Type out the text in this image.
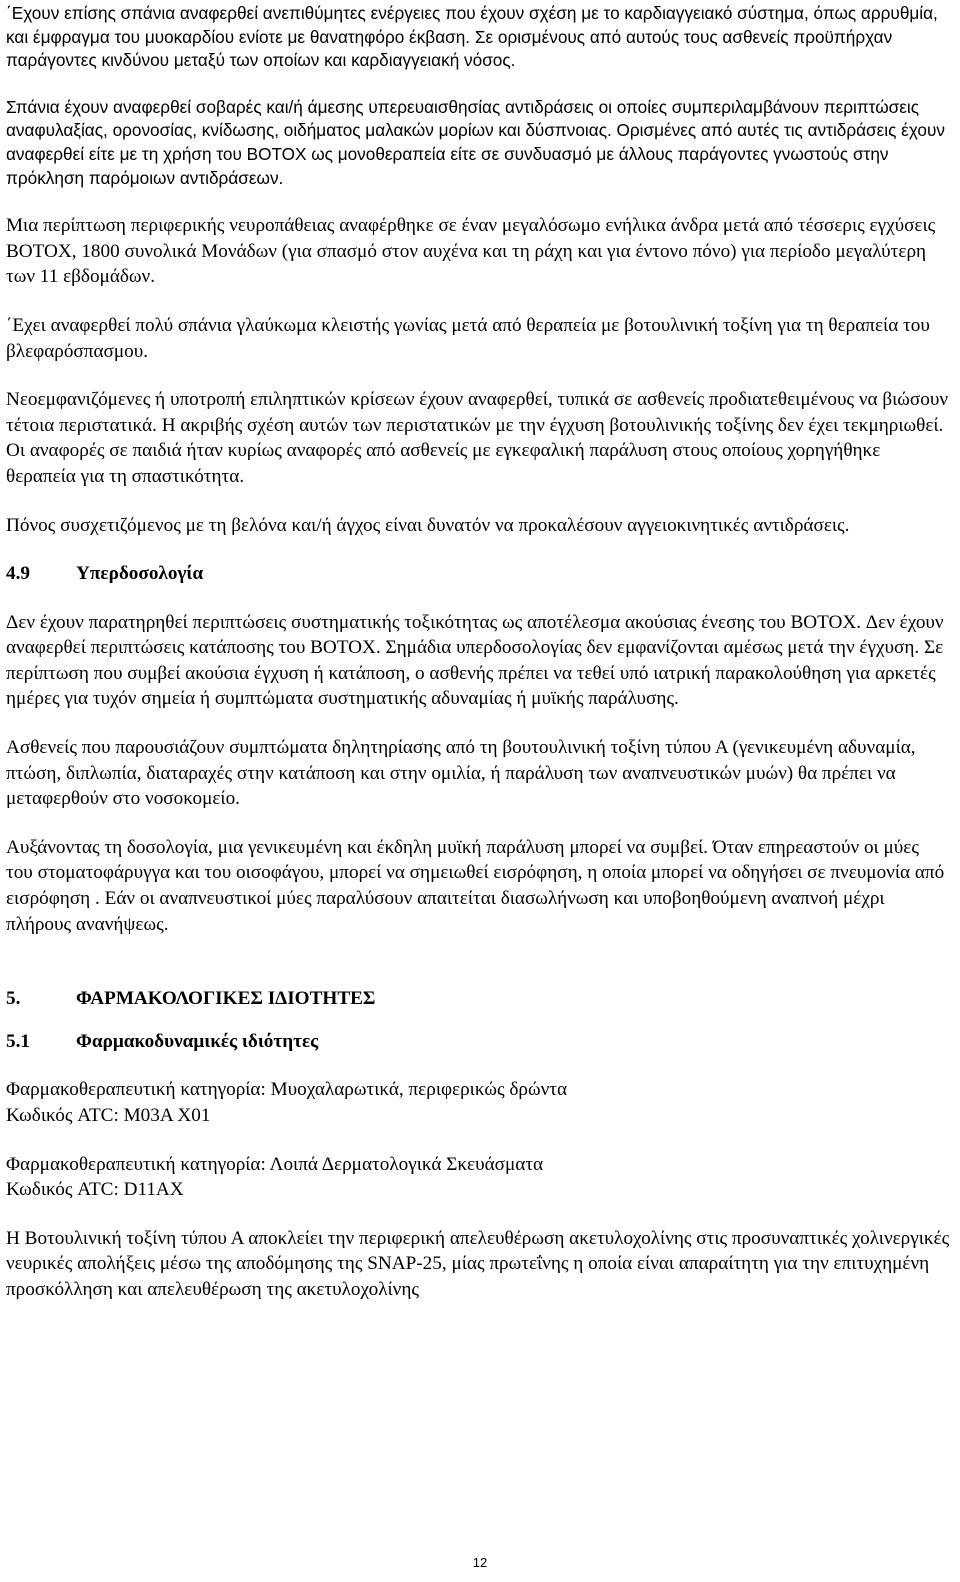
΄Εχουν επίσης σπάνια αναφερθεί ανεπιθύμητες ενέργειες που έχουν σχέση με το καρδιαγγειακό σύστημα, όπως αρρυθμία, και έμφραγμα του μυοκαρδίου ενίοτε με θανατηφόρο έκβαση. Σε ορισμένους από αυτούς τους ασθενείς προϋπήρχαν παράγοντες κινδύνου μεταξύ των οποίων και καρδιαγγειακή νόσος.

Σπάνια έχουν αναφερθεί σοβαρές και/ή άμεσης υπερευαισθησίας αντιδράσεις οι οποίες συμπεριλαμβάνουν περιπτώσεις αναφυλαξίας, ορονοσίας, κνίδωσης, οιδήματος μαλακών μορίων και δύσπνοιας. Ορισμένες από αυτές τις αντιδράσεις έχουν αναφερθεί είτε με τη χρήση του BOTOX ως μονοθεραπεία είτε σε συνδυασμό με άλλους παράγοντες γνωστούς στην πρόκληση παρόμοιων αντιδράσεων.

Μια περίπτωση περιφερικής νευροπάθειας αναφέρθηκε σε έναν μεγαλόσωμο ενήλικα άνδρα μετά από τέσσερις εγχύσεις BOTOX, 1800 συνολικά Μονάδων (για σπασμό στον αυχένα και τη ράχη και για έντονο πόνο) για περίοδο μεγαλύτερη των 11 εβδομάδων.

΄Εχει αναφερθεί πολύ σπάνια γλαύκωμα κλειστής γωνίας μετά από θεραπεία με βοτουλινική τοξίνη για τη θεραπεία του βλεφαρόσπασμου.

Νεοεμφανιζόμενες ή υποτροπή επιληπτικών κρίσεων έχουν αναφερθεί, τυπικά σε ασθενείς προδιατεθειμένους να βιώσουν τέτοια περιστατικά. Η ακριβής σχέση αυτών των περιστατικών με την έγχυση βοτουλινικής τοξίνης δεν έχει τεκμηριωθεί. Οι αναφορές σε παιδιά ήταν κυρίως αναφορές από ασθενείς με εγκεφαλική παράλυση στους οποίους χορηγήθηκε θεραπεία για τη σπαστικότητα.

Πόνος συσχετιζόμενος με τη βελόνα και/ή άγχος είναι δυνατόν να προκαλέσουν αγγειοκινητικές αντιδράσεις.

4.9	Υπερδοσολογία

Δεν έχουν παρατηρηθεί περιπτώσεις συστηματικής τοξικότητας ως αποτέλεσμα ακούσιας ένεσης του BOTOX. Δεν έχουν αναφερθεί περιπτώσεις κατάποσης του BOTOX. Σημάδια υπερδοσολογίας δεν εμφανίζονται αμέσως μετά την έγχυση. Σε περίπτωση που συμβεί ακούσια έγχυση ή κατάποση, ο ασθενής πρέπει να τεθεί υπό ιατρική παρακολούθηση για αρκετές ημέρες για τυχόν σημεία ή συμπτώματα συστηματικής αδυναμίας ή μυϊκής παράλυσης.

Ασθενείς που παρουσιάζουν συμπτώματα δηλητηρίασης από τη βουτουλινική τοξίνη τύπου Α (γενικευμένη αδυναμία, πτώση, διπλωπία, διαταραχές στην κατάποση και στην ομιλία, ή παράλυση των αναπνευστικών μυών) θα πρέπει να μεταφερθούν στο νοσοκομείο.

Αυξάνοντας τη δοσολογία, μια γενικευμένη και έκδηλη μυϊκή παράλυση μπορεί να συμβεί. Όταν επηρεαστούν οι μύες του στοματοφάρυγγα και του οισοφάγου, μπορεί να σημειωθεί εισρόφηση, η οποία μπορεί να οδηγήσει σε πνευμονία από εισρόφηση . Εάν οι αναπνευστικοί μύες παραλύσουν απαιτείται διασωλήνωση και υποβοηθούμενη αναπνοή μέχρι πλήρους ανανήψεως.

5.	ΦΑΡΜΑΚΟΛΟΓΙΚΕΣ ΙΔΙΟΤΗΤΕΣ
5.1	Φαρμακοδυναμικές ιδιότητες
Φαρμακοθεραπευτική κατηγορία: Μυοχαλαρωτικά, περιφερικώς δρώντα
Κωδικός ATC: M03A X01
Φαρμακοθεραπευτική κατηγορία: Λοιπά Δερματολογικά Σκευάσματα
Κωδικός ATC: D11AX

Η Βοτουλινική τοξίνη τύπου Α αποκλείει την περιφερική απελευθέρωση ακετυλοχολίνης στις προσυναπτικές χολινεργικές νευρικές απολήξεις μέσω της αποδόμησης της SNAP-25, μίας πρωτεΐνης η οποία είναι απαραίτητη για την επιτυχημένη προσκόλληση και απελευθέρωση της ακετυλοχολίνης

12
